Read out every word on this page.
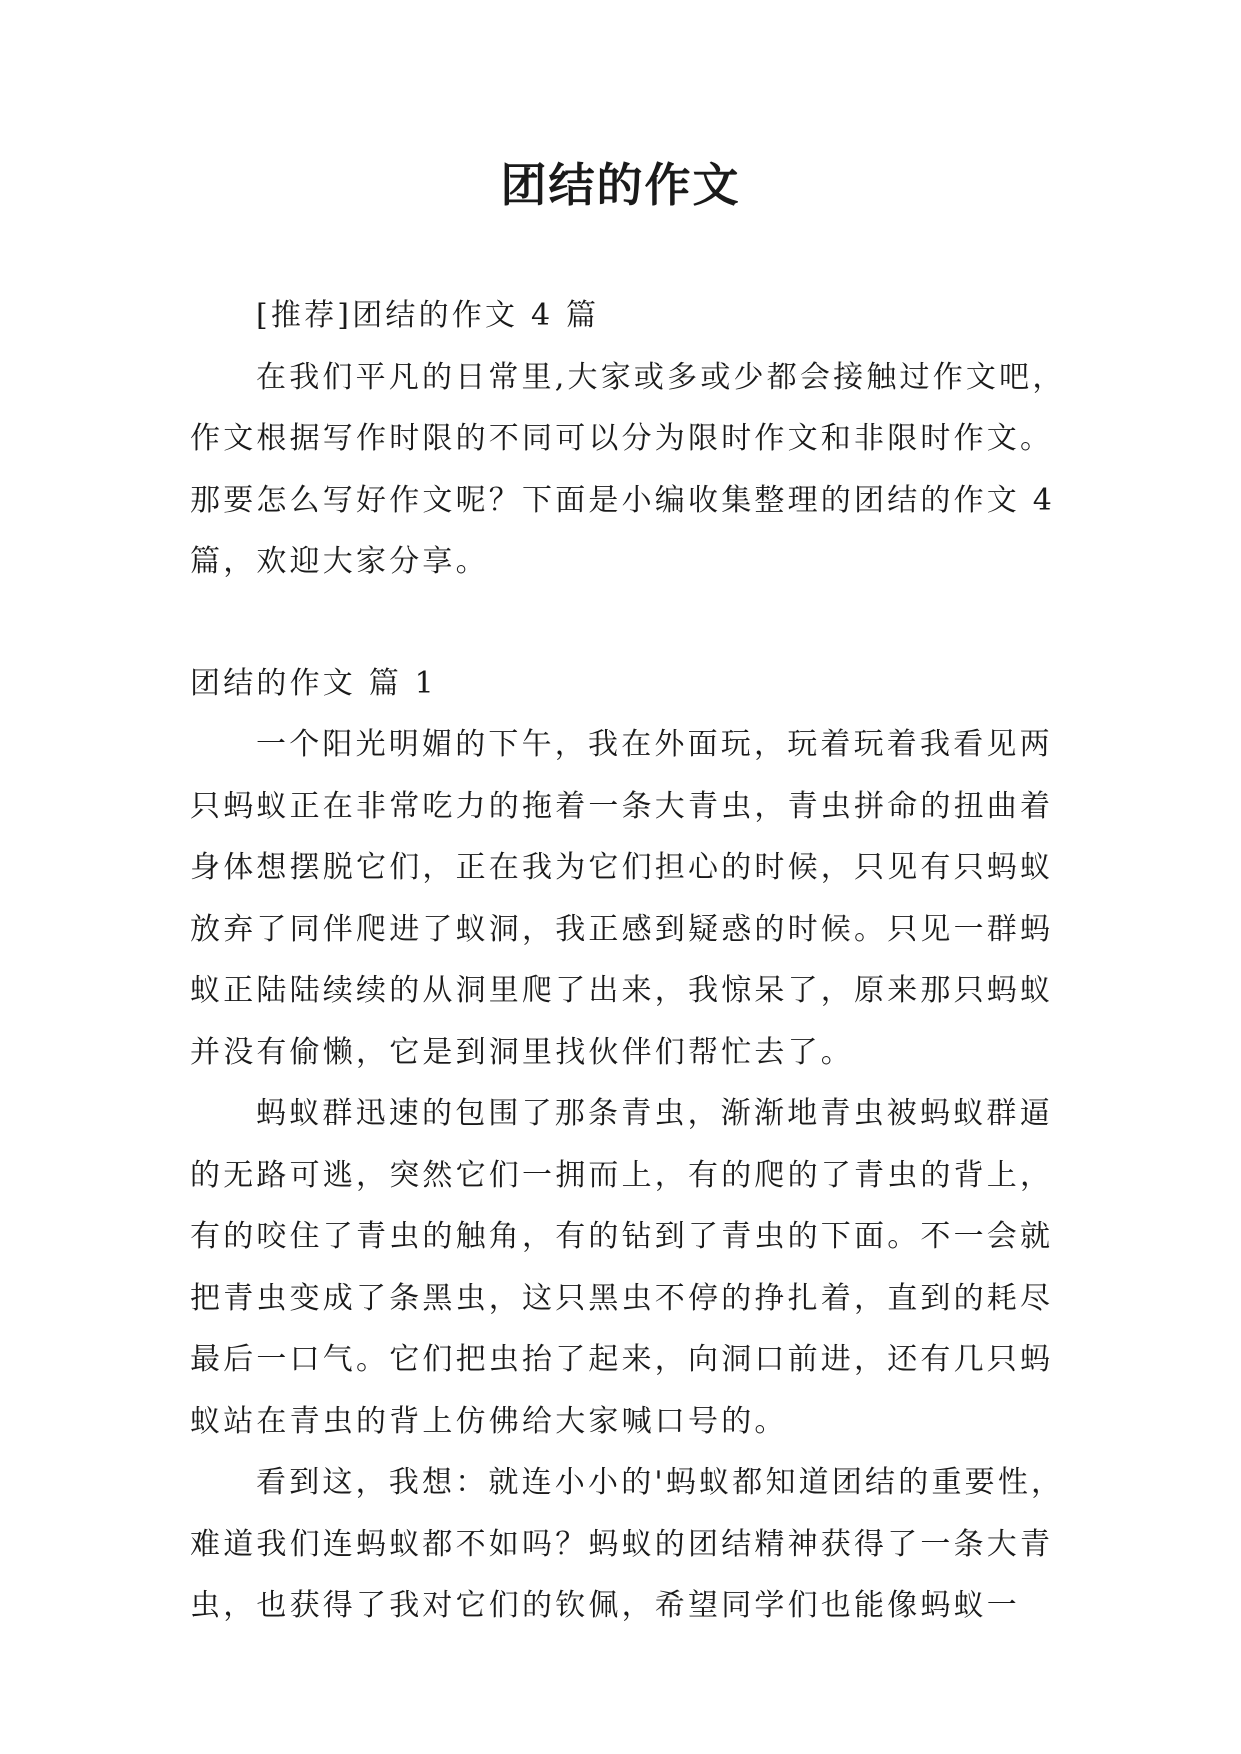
团结的作文

[推荐]团结的作文 4 篇

在我们平凡的日常里,大家或多或少都会接触过作文吧，作文根据写作时限的不同可以分为限时作文和非限时作文。那要怎么写好作文呢？下面是小编收集整理的团结的作文 4篇，欢迎大家分享。

团结的作文 篇 1

一个阳光明媚的下午，我在外面玩，玩着玩着我看见两只蚂蚁正在非常吃力的拖着一条大青虫，青虫拼命的扭曲着身体想摆脱它们，正在我为它们担心的时候，只见有只蚂蚁放弃了同伴爬进了蚁洞，我正感到疑惑的时候。只见一群蚂蚁正陆陆续续的从洞里爬了出来，我惊呆了，原来那只蚂蚁并没有偷懒，它是到洞里找伙伴们帮忙去了。

蚂蚁群迅速的包围了那条青虫，渐渐地青虫被蚂蚁群逼的无路可逃，突然它们一拥而上，有的爬的了青虫的背上，有的咬住了青虫的触角，有的钻到了青虫的下面。不一会就把青虫变成了条黑虫，这只黑虫不停的挣扎着，直到的耗尽最后一口气。它们把虫抬了起来，向洞口前进，还有几只蚂蚁站在青虫的背上仿佛给大家喊口号的。

看到这，我想：就连小小的'蚂蚁都知道团结的重要性，难道我们连蚂蚁都不如吗？蚂蚁的团结精神获得了一条大青虫，也获得了我对它们的钦佩，希望同学们也能像蚂蚁一
